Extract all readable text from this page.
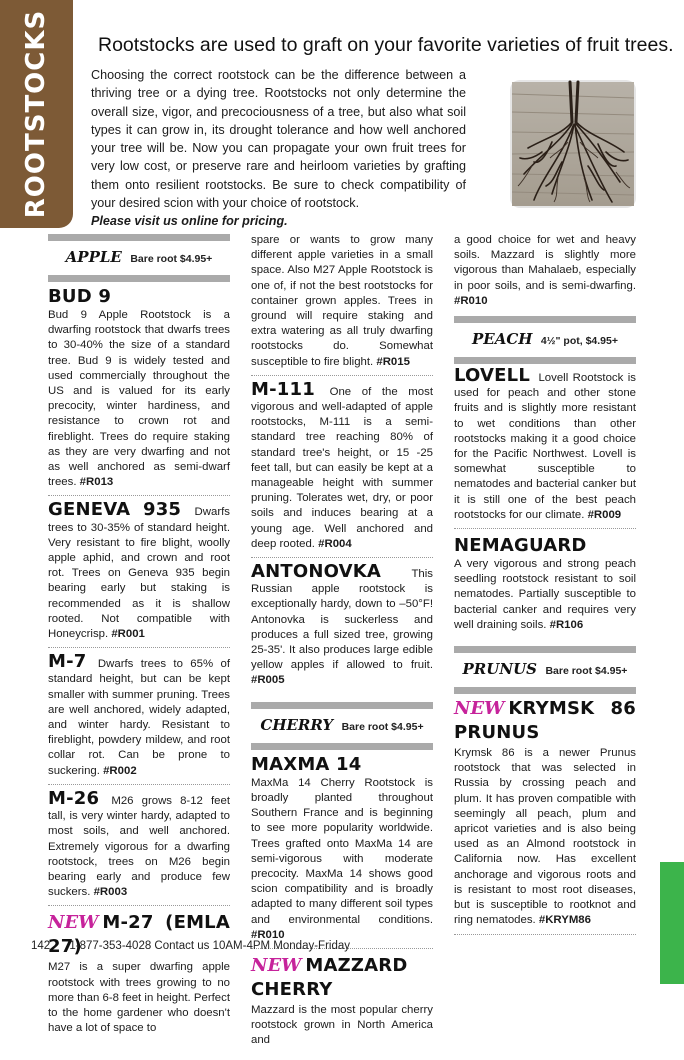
ROOTSTOCKS Rootstocks are used to graft on your favorite varieties of fruit trees.
Choosing the correct rootstock can be the difference between a thriving tree or a dying tree. Rootstocks not only determine the overall size, vigor, and precociousness of a tree, but also what soil types it can grow in, its drought tolerance and how well anchored your tree will be. Now you can propagate your own fruit trees for very low cost, or preserve rare and heirloom varieties by grafting them onto resilient rootstocks. Be sure to check compatibility of your desired scion with your choice of rootstock.
Please visit us online for pricing.
APPLE Bare root $4.95+
BUD 9
Bud 9 Apple Rootstock is a dwarfing rootstock that dwarfs trees to 30-40% the size of a standard tree. Bud 9 is widely tested and used commercially throughout the US and is valued for its early precocity, winter hardiness, and resistance to crown rot and fireblight. Trees do require staking as they are very dwarfing and not as well anchored as semi-dwarf trees. #R013
GENEVA 935 Dwarfs trees to 30-35% of standard height. Very resistant to fire blight, woolly apple aphid, and crown and root rot. Trees on Geneva 935 begin bearing early but staking is recommended as it is shallow rooted. Not compatible with Honeycrisp. #R001
M-7 Dwarfs trees to 65% of standard height, but can be kept smaller with summer pruning. Trees are well anchored, widely adapted, and winter hardy. Resistant to fireblight, powdery mildew, and root collar rot. Can be prone to suckering. #R002
M-26 M26 grows 8-12 feet tall, is very winter hardy, adapted to most soils, and well anchored. Extremely vigorous for a dwarfing rootstock, trees on M26 begin bearing early and produce few suckers. #R003
NEW M-27 (EMLA 27)
M27 is a super dwarfing apple rootstock with trees growing to no more than 6-8 feet in height. Perfect to the home gardener who doesn't have a lot of space to
spare or wants to grow many different apple varieties in a small space. Also M27 Apple Rootstock is one of, if not the best rootstocks for container grown apples. Trees in ground will require staking and extra watering as all truly dwarfing rootstocks do. Somewhat susceptible to fire blight. #R015
M-111 One of the most vigorous and well-adapted of apple rootstocks, M-111 is a semi-standard tree reaching 80% of standard tree's height, or 15 -25 feet tall, but can easily be kept at a manageable height with summer pruning. Tolerates wet, dry, or poor soils and induces bearing at a young age. Well anchored and deep rooted. #R004
ANTONOVKA	This Russian apple rootstock is exceptionally hardy, down to –50°F! Antonovka is suckerless and produces a full sized tree, growing 25-35'. It also produces large edible yellow apples if allowed to fruit. #R005
CHERRY Bare root $4.95+
MAXMA 14
MaxMa 14 Cherry Rootstock is broadly planted throughout Southern France and is beginning to see more popularity worldwide. Trees grafted onto MaxMa 14 are semi-vigorous with moderate precocity. MaxMa 14 shows good scion compatibility and is broadly adapted to many different soil types and environmental conditions. #R010
NEW MAZZARD CHERRY
Mazzard is the most popular cherry rootstock grown in North America and
a good choice for wet and heavy soils. Mazzard is slightly more vigorous than Mahalaeb, especially in poor soils, and is semi-dwarfing. #R010
PEACH 4½" pot, $4.95+
LOVELL Lovell Rootstock is used for peach and other stone fruits and is slightly more resistant to wet conditions than other rootstocks making it a good choice for the Pacific Northwest. Lovell is somewhat susceptible to nematodes and bacterial canker but it is still one of the best peach rootstocks for our climate. #R009
NEMAGUARD
A very vigorous and strong peach seedling rootstock resistant to soil nematodes. Partially susceptible to bacterial canker and requires very well draining soils. #R106
PRUNUS Bare root $4.95+
NEW KRYMSK 86 PRUNUS
Krymsk 86 is a newer Prunus rootstock that was selected in Russia by crossing peach and plum. It has proven compatible with seemingly all peach, plum and apricot varieties and is also being used as an Almond rootstock in California now. Has excellent anchorage and vigorous roots and is resistant to most root diseases, but is susceptible to rootknot and ring nematodes. #KRYM86
142 1-877-353-4028 Contact us 10AM-4PM Monday-Friday
